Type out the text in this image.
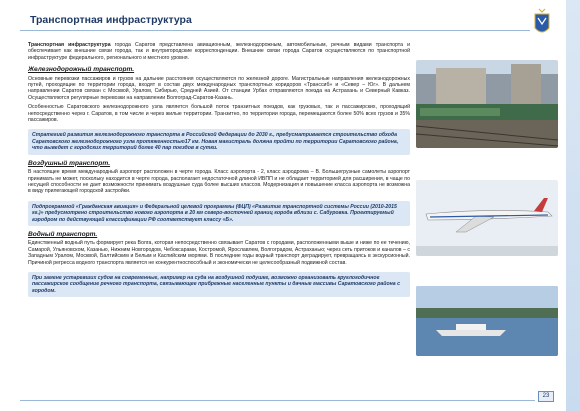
Транспортная инфраструктура

Транспортная инфраструктура города Саратов представлена авиационным, железнодорожным, автомобильным, речным видами транспорта и обеспечивает как внешние связи города, так и внутригородские корреспонденции. Внешние связи города Саратов осуществляются по транспортной инфраструктуре федерального, регионального и местного уровня.

Железнодорожный транспорт.

Основные перевозки пассажиров и грузов на дальние расстояния осуществляются по железной дороге. Магистральные направления железнодорожных путей, проходящие по территории города, входят в состав двух международных транспортных коридоров «Транссиб» и «Север – Юг». В дальнем направлении Саратов связан с Москвой, Уралом, Сибирью, Средней Азией. От станции Урбах отправляются поезда на Астрахань и Северный Кавказ. Осуществляются регулярные перевозки на направлении Волгоград-Саратов-Казань.

Особенностью Саратовского железнодорожного узла является большой поток транзитных поездов, как грузовых, так и пассажирских, проходящий непосредственно через г. Саратов, в том числе и через жилые территории. Транзитно, по территории города, перемещаются более 50% всех грузов и 35% пассажиров.

Стратегией развития железнодорожного транспорта в Российской Федерации до 2030 г., предусматривается строительство обхода Саратовского железнодорожного узла протяженностью17 км. Новая магистраль должна пройти по территории Саратовского района, что выведет с городских территорий более 40 пар поездов в сутки.
Воздушный транспорт.

В настоящее время международный аэропорт расположен в черте города. Класс аэропорта - 2, класс аэродрома – В. Большегрузные самолеты аэропорт принимать не может, поскольку находится в черте города, располагает недостаточной длиной ИВПП и не обладает территорией для расширения, в чаще по несущей способности не дает возможности принимать воздушные суда более высших классов. Модернизация и повышение класса аэропорта не возможна в виду прилегающей городской застройки.

Подпрограммой «Гражданская авиация» и Федеральной целевой программы (ФЦП) «Развитие транспортной системы России (2010-2015 гг.)» предусмотрено строительство нового аэропорта в 20 км северо-восточней границ города вблизи с. Сабуровка. Проектируемый аэродром по действующей классификации РФ соответствует классу «Б».
Водный транспорт.

Единственный водный путь формирует река Волга, которая непосредственно связывает Саратов с городами, расположенными выше и ниже по ее течению, Самарой, Ульяновском, Казанью, Нижним Новгородом, Чебоксарами, Костромой, Ярославлем, Волгоградом, Астраханью; через сеть притоков и каналов – с Западным Уралом, Москвой, Балтийским и Белым и Каспийским морями. В последние годы водный транспорт деградирует, превращаясь в экскурсионный. Причиной регресса водного транспорта является не конкурентноспособный и экономически не целесообразный подвижной состав.

При замене устаревших судов на современные, например на суда на воздушной подушке, возможно организовать круглогодичное пассажирское сообщение речного транспорта, связывающее прибрежные населенные пункты и дачные массивы Саратовского района с городом.
23
